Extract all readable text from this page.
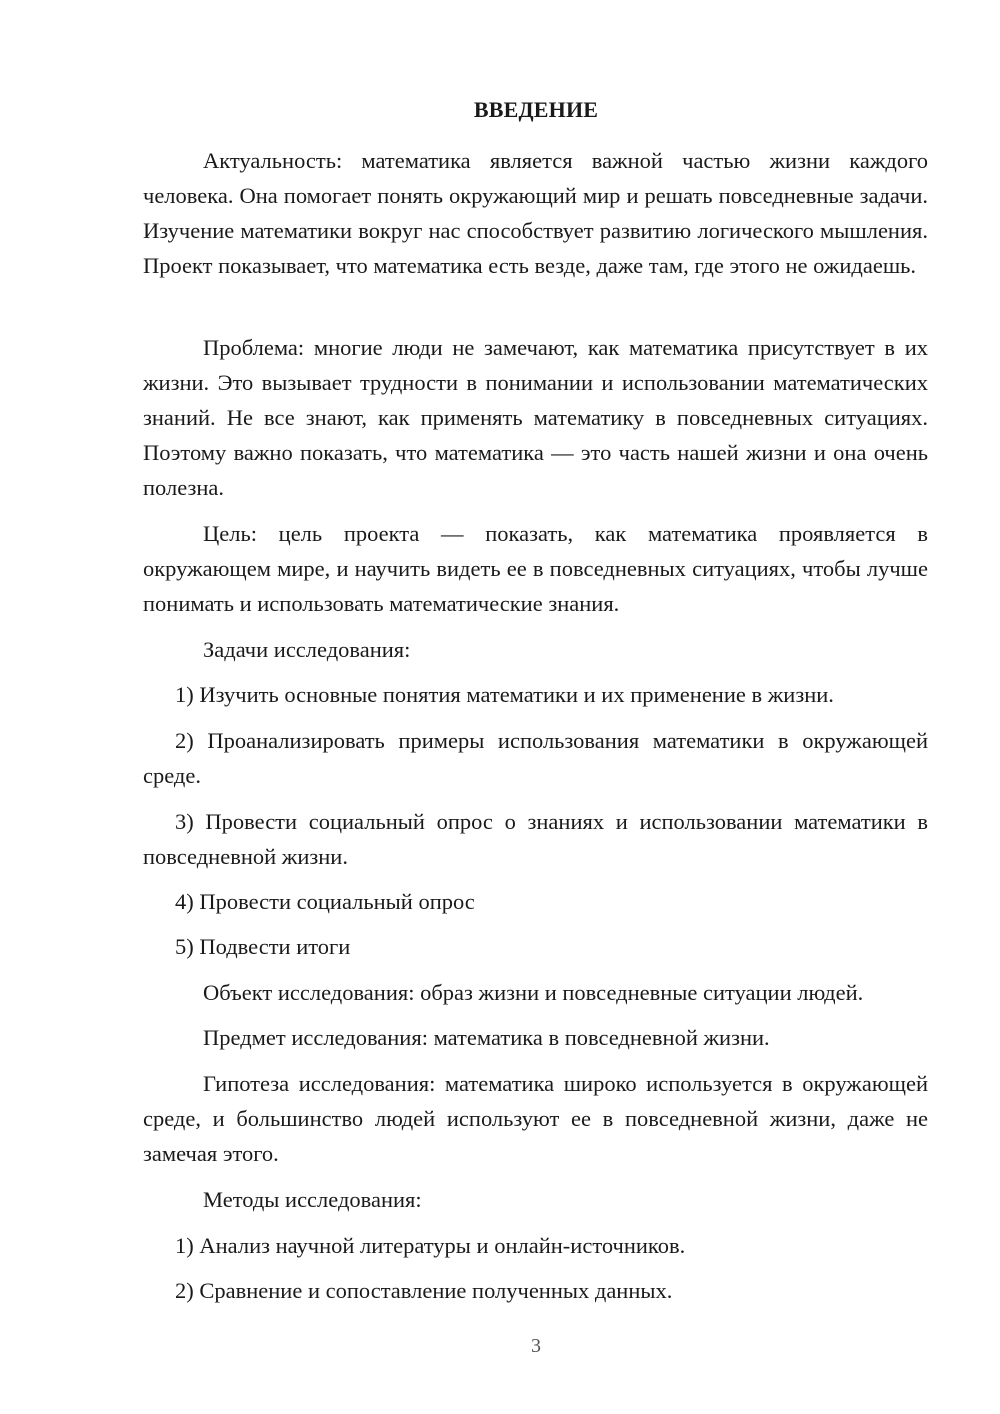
ВВЕДЕНИЕ

Актуальность: математика является важной частью жизни каждого человека. Она помогает понять окружающий мир и решать повседневные задачи. Изучение математики вокруг нас способствует развитию логического мышления. Проект показывает, что математика есть везде, даже там, где этого не ожидаешь.

Проблема: многие люди не замечают, как математика присутствует в их жизни. Это вызывает трудности в понимании и использовании математических знаний. Не все знают, как применять математику в повседневных ситуациях. Поэтому важно показать, что математика — это часть нашей жизни и она очень полезна.

Цель: цель проекта — показать, как математика проявляется в окружающем мире, и научить видеть ее в повседневных ситуациях, чтобы лучше понимать и использовать математические знания.

Задачи исследования:

1) Изучить основные понятия математики и их применение в жизни.

2) Проанализировать примеры использования математики в окружающей среде.

3) Провести социальный опрос о знаниях и использовании математики в повседневной жизни.

4) Провести социальный опрос

5) Подвести итоги

Объект исследования: образ жизни и повседневные ситуации людей.

Предмет исследования: математика в повседневной жизни.

Гипотеза исследования: математика широко используется в окружающей среде, и большинство людей используют ее в повседневной жизни, даже не замечая этого.

Методы исследования:

1) Анализ научной литературы и онлайн-источников.

2) Сравнение и сопоставление полученных данных.

3
